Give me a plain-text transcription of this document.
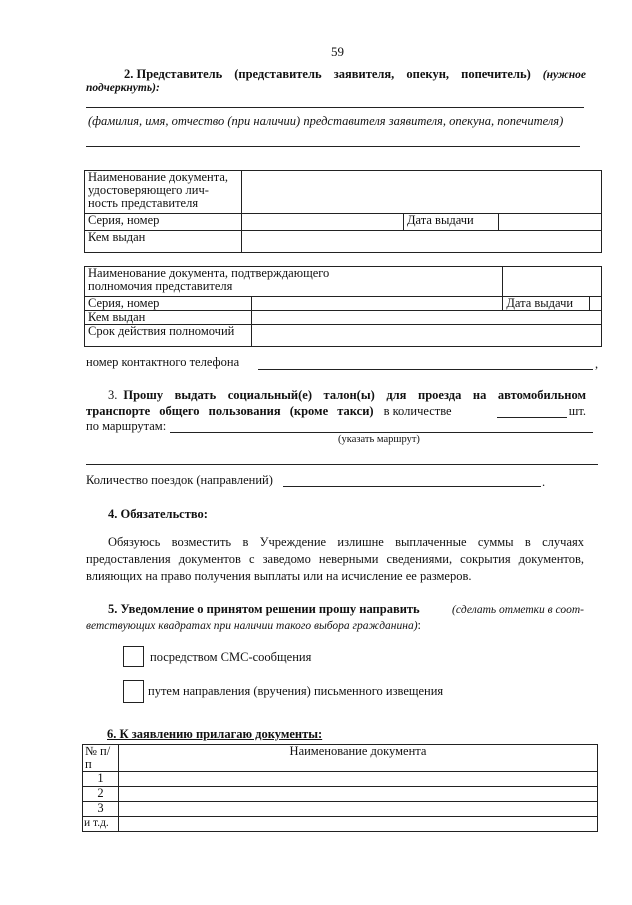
59
2. Представитель (представитель заявителя, опекун, попечитель) (нужное
подчеркнуть):
(фамилия, имя, отчество (при наличии) представителя заявителя, опекуна, попечителя)
Наименование документа,
удостоверяющего лич-
ность представителя			

Серия, номер		Дата выдачи	
Кем выдан			
Наименование документа, подтверждающего
полномочия представителя			

Серия, номер		Дата выдачи	
Кем выдан			
Срок действия полномочий			
номер контактного телефона	,
3. Прошу выдать социальный(е) талон(ы) для проезда на автомобильном
транспорте общего пользования (кроме такси) в количестве	шт.
по маршрутам:
(указать маршрут)
Количество поездок (направлений)	.
4. Обязательство:
Обязуюсь возместить в Учреждение излишне выплаченные суммы в случаях
предоставления документов с заведомо неверными сведениями, сокрытия документов,
влияющих на право получения выплаты или на исчисление ее размеров.
5. Уведомление о принятом решении прошу направить	(сделать отметки в соот-
ветствующих квадратах при наличии такого выбора гражданина):
посредством СМС-сообщения
путем направления (вручения) письменного извещения
6. К заявлению прилагаю документы:
№ п/п	Наименование документа
1	
2	
3	
и т.д.	
